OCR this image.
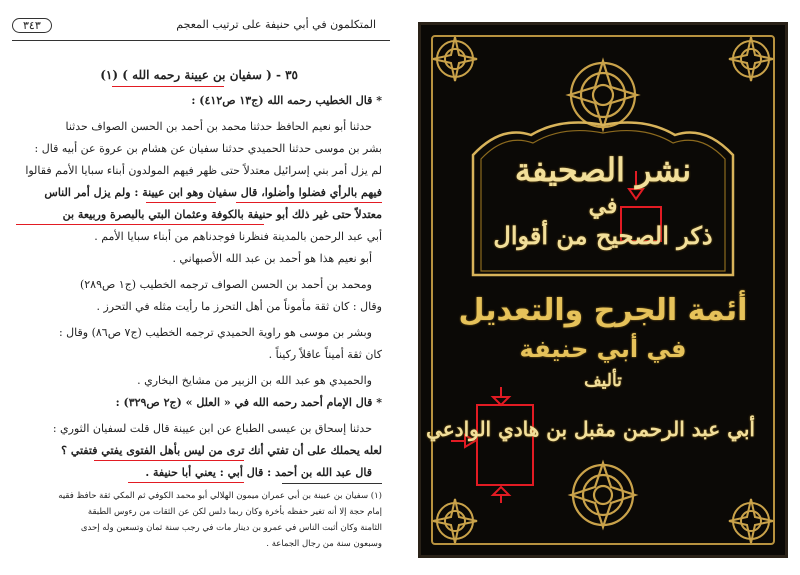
المتكلمون في أبي حنيفة على ترتيب المعجم
٣٤٣
٣٥ - ( سفيان بن عيينة رحمه الله ) (١)
* قال الخطيب رحمه الله (ج١٣ ص٤١٢) :
حدثنا أبو نعيم الحافظ حدثنا محمد بن أحمد بن الحسن الصواف حدثنا
بشر بن موسى حدثنا الحميدي حدثنا سفيان عن هشام بن عروة عن أبيه قال :
لم يزل أمر بني إسرائيل معتدلاً حتى ظهر فيهم المولدون أبناء سبايا الأمم فقالوا
فيهم بالرأي فضلوا وأضلوا، قال سفيان وهو ابن عيينة : ولم يزل أمر الناس
معتدلاً حتى غير ذلك أبو حنيفة بالكوفة وعثمان البتي بالبصرة وربيعة بن
أبي عبد الرحمن بالمدينة فنظرنا فوجدناهم من أبناء سبايا الأمم .
أبو نعيم هذا هو أحمد بن عبد الله الأصبهاني .
ومحمد بن أحمد بن الحسن الصواف ترجمه الخطيب (ج١ ص٢٨٩)
وقال : كان ثقة مأموناً من أهل التحرز ما رأيت مثله في التحرز .
وبشر بن موسى هو راوية الحميدي ترجمه الخطيب (ج٧ ص٨٦) وقال :
كان ثقة أميناً عاقلاً ركيناً .
والحميدي هو عبد الله بن الزبير من مشايخ البخاري .
* قال الإمام أحمد رحمه الله في « العلل » (ج٢ ص٣٢٩) :
حدثنا إسحاق بن عيسى الطباع عن ابن عيينة قال قلت لسفيان الثوري :
لعله يحملك على أن تفتي أنك ترى من ليس بأهل الفتوى يفتي فتفتي ؟
قال عبد الله بن أحمد : قال أبي : يعني أبا حنيفة .
(١) سفيان بن عيينة بن أبي عمران ميمون الهلالي أبو محمد الكوفي ثم المكي ثقة حافظ فقيه
إمام حجة إلا أنه تغير حفظه بأخرة وكان ربما دلس لكن عن الثقات من رءوس الطبقة
الثامنة وكان أثبت الناس في عمرو بن دينار مات في رجب سنة ثمان وتسعين وله إحدى
وسبعون سنة من رجال الجماعة .
نشر الصحيفة
في
ذكر الصحيح من أقوال
أئمة الجرح والتعديل
في أبي حنيفة
تأليف
أبي عبد الرحمن مقبل بن هادي الوادعي
